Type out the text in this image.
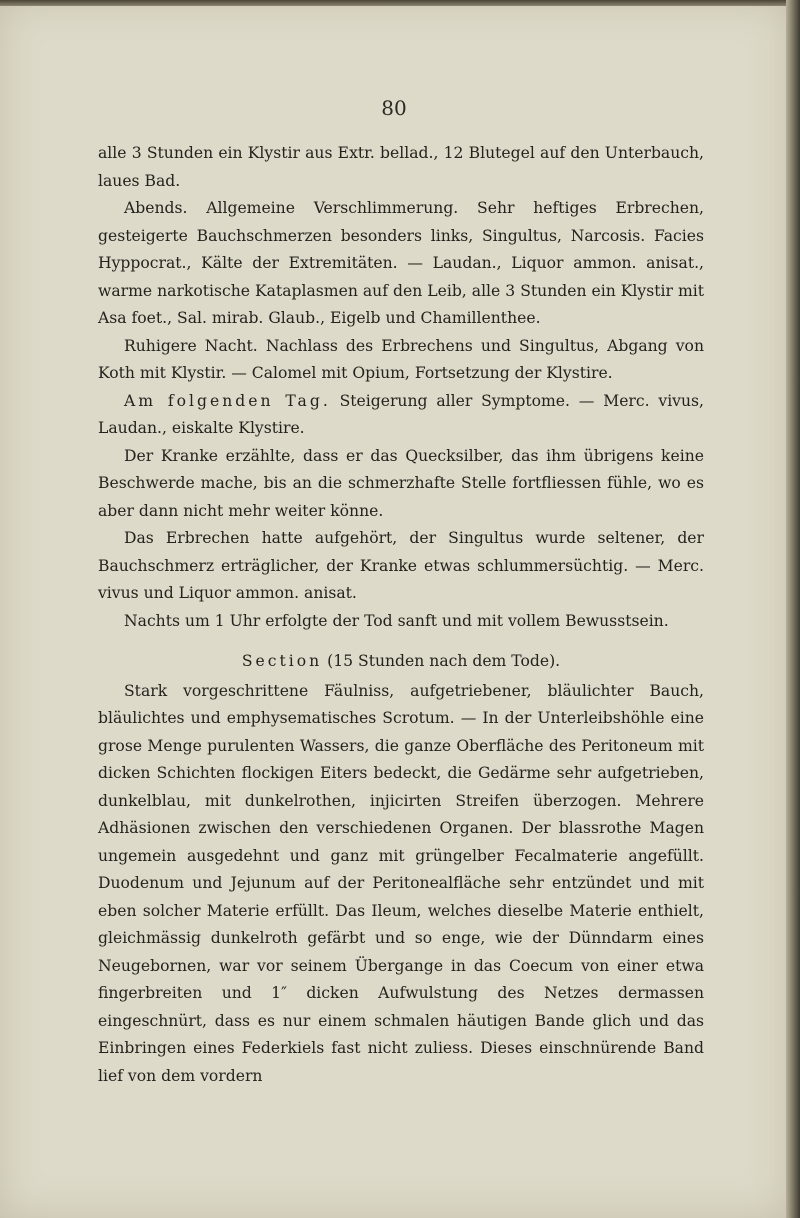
80

alle 3 Stunden ein Klystir aus Extr. bellad., 12 Blutegel auf den Unterbauch, laues Bad.

Abends. Allgemeine Verschlimmerung. Sehr heftiges Erbrechen, gesteigerte Bauchschmerzen besonders links, Singultus, Narcosis. Facies Hyppocrat., Kälte der Extremitäten. — Laudan., Liquor ammon. anisat., warme narkotische Kataplasmen auf den Leib, alle 3 Stunden ein Klystir mit Asa foet., Sal. mirab. Glaub., Eigelb und Chamillenthee.

Ruhigere Nacht. Nachlass des Erbrechens und Singultus, Abgang von Koth mit Klystir. — Calomel mit Opium, Fortsetzung der Klystire.

Am folgenden Tag. Steigerung aller Symptome. — Merc. vivus, Laudan., eiskalte Klystire.

Der Kranke erzählte, dass er das Quecksilber, das ihm übrigens keine Beschwerde mache, bis an die schmerzhafte Stelle fortfliessen fühle, wo es aber dann nicht mehr weiter könne.

Das Erbrechen hatte aufgehört, der Singultus wurde seltener, der Bauchschmerz erträglicher, der Kranke etwas schlummersüchtig. — Merc. vivus und Liquor ammon. anisat.

Nachts um 1 Uhr erfolgte der Tod sanft und mit vollem Bewusstsein.

Section (15 Stunden nach dem Tode).

Stark vorgeschrittene Fäulniss, aufgetriebener, bläulichter Bauch, bläulichtes und emphysematisches Scrotum. — In der Unterleibshöhle eine grose Menge purulenten Wassers, die ganze Oberfläche des Peritoneum mit dicken Schichten flockigen Eiters bedeckt, die Gedärme sehr aufgetrieben, dunkelblau, mit dunkelrothen, injicirten Streifen überzogen. Mehrere Adhäsionen zwischen den verschiedenen Organen. Der blassrothe Magen ungemein ausgedehnt und ganz mit grüngelber Fecalmaterie angefüllt. Duodenum und Jejunum auf der Peritonealfläche sehr entzündet und mit eben solcher Materie erfüllt. Das Ileum, welches dieselbe Materie enthielt, gleichmässig dunkelroth gefärbt und so enge, wie der Dünndarm eines Neugebornen, war vor seinem Übergange in das Coecum von einer etwa fingerbreiten und 1″ dicken Aufwulstung des Netzes dermassen eingeschnürt, dass es nur einem schmalen häutigen Bande glich und das Einbringen eines Federkiels fast nicht zuliess. Dieses einschnürende Band lief von dem vordern
